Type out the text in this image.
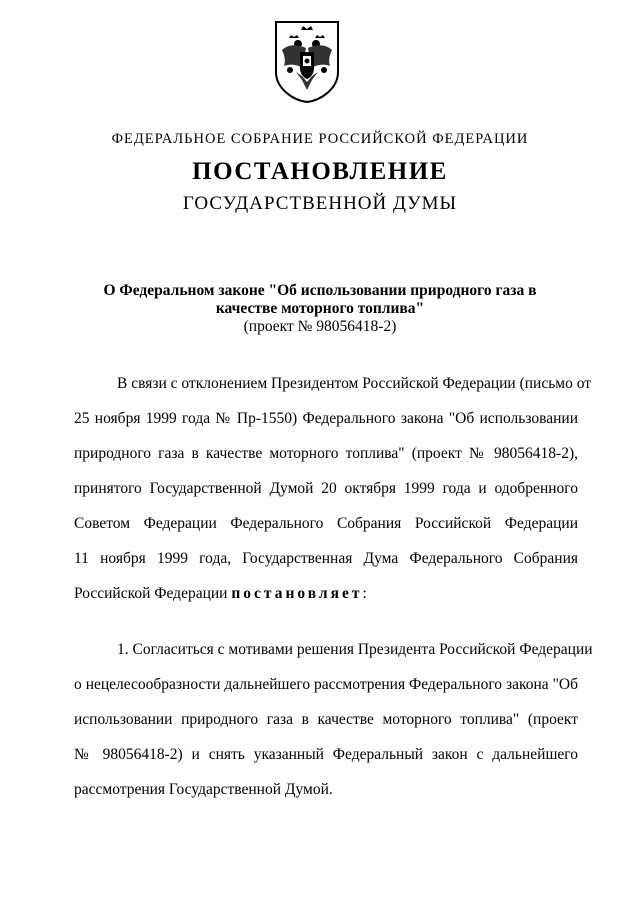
ФЕДЕРАЛЬНОЕ СОБРАНИЕ РОССИЙСКОЙ ФЕДЕРАЦИИ
ПОСТАНОВЛЕНИЕ
ГОСУДАРСТВЕННОЙ ДУМЫ
О Федеральном законе "Об использовании природного газа в
качестве моторного топлива"
(проект № 98056418-2)
В связи с отклонением Президентом Российской Федерации (письмо от
25 ноября 1999 года № Пр-1550) Федерального закона "Об использовании
природного газа в качестве моторного топлива" (проект № 98056418-2),
принятого Государственной Думой 20 октября 1999 года и одобренного
Советом Федерации Федерального Собрания Российской Федерации
11 ноября 1999 года, Государственная Дума Федерального Собрания
Российской Федерации постановляет:
1. Согласиться с мотивами решения Президента Российской Федерации
о нецелесообразности дальнейшего рассмотрения Федерального закона "Об
использовании природного газа в качестве моторного топлива" (проект
№ 98056418-2) и снять указанный Федеральный закон с дальнейшего
рассмотрения Государственной Думой.
